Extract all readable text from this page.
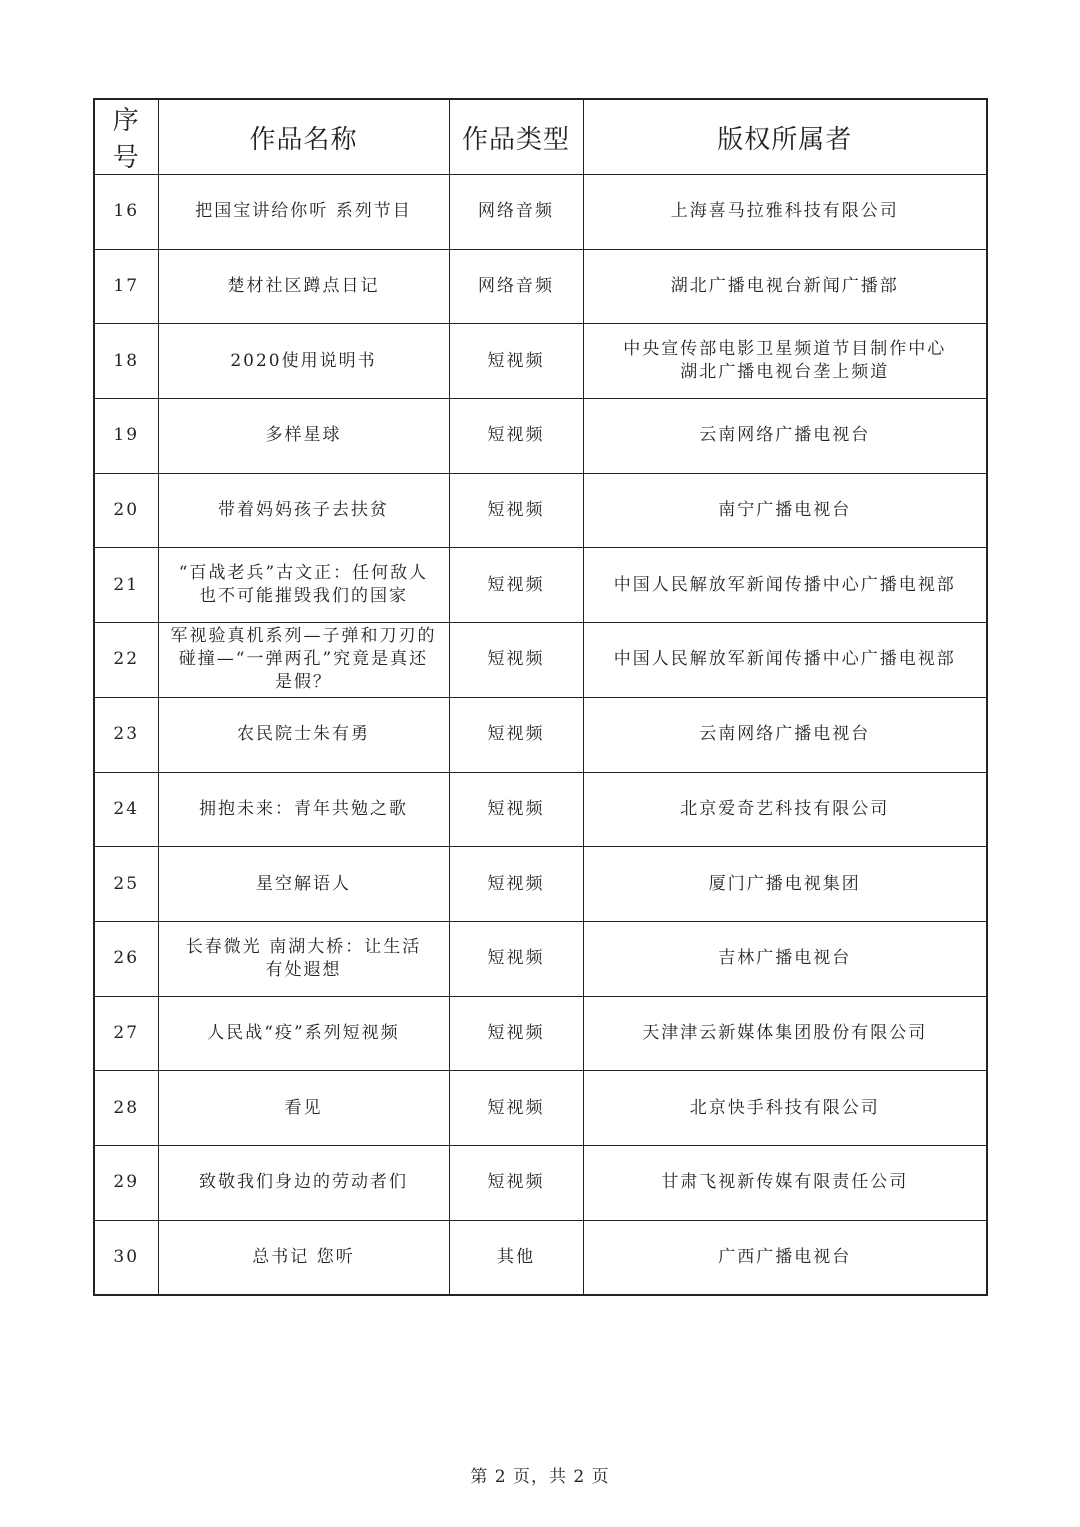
序号	作品名称	作品类型	版权所属者
16	把国宝讲给你听 系列节目	网络音频	上海喜马拉雅科技有限公司

17	楚材社区蹲点日记	网络音频	湖北广播电视台新闻广播部

18	2020使用说明书	短视频	中央宣传部电影卫星频道节目制作中心
湖北广播电视台垄上频道

19	多样星球	短视频	云南网络广播电视台

20	带着妈妈孩子去扶贫	短视频	南宁广播电视台

21	“百战老兵”古文正：任何敌人
也不可能摧毁我们的国家	短视频	中国人民解放军新闻传播中心广播电视部

22	军视验真机系列—子弹和刀刃的
碰撞—“一弹两孔”究竟是真还
是假？	短视频	中国人民解放军新闻传播中心广播电视部

23	农民院士朱有勇	短视频	云南网络广播电视台

24	拥抱未来：青年共勉之歌	短视频	北京爱奇艺科技有限公司

25	星空解语人	短视频	厦门广播电视集团

26	长春微光 南湖大桥：让生活
有处遐想	短视频	吉林广播电视台

27	人民战“疫”系列短视频	短视频	天津津云新媒体集团股份有限公司

28	看见	短视频	北京快手科技有限公司

29	致敬我们身边的劳动者们	短视频	甘肃飞视新传媒有限责任公司

30	总书记 您听	其他	广西广播电视台
第 2 页，共 2 页
